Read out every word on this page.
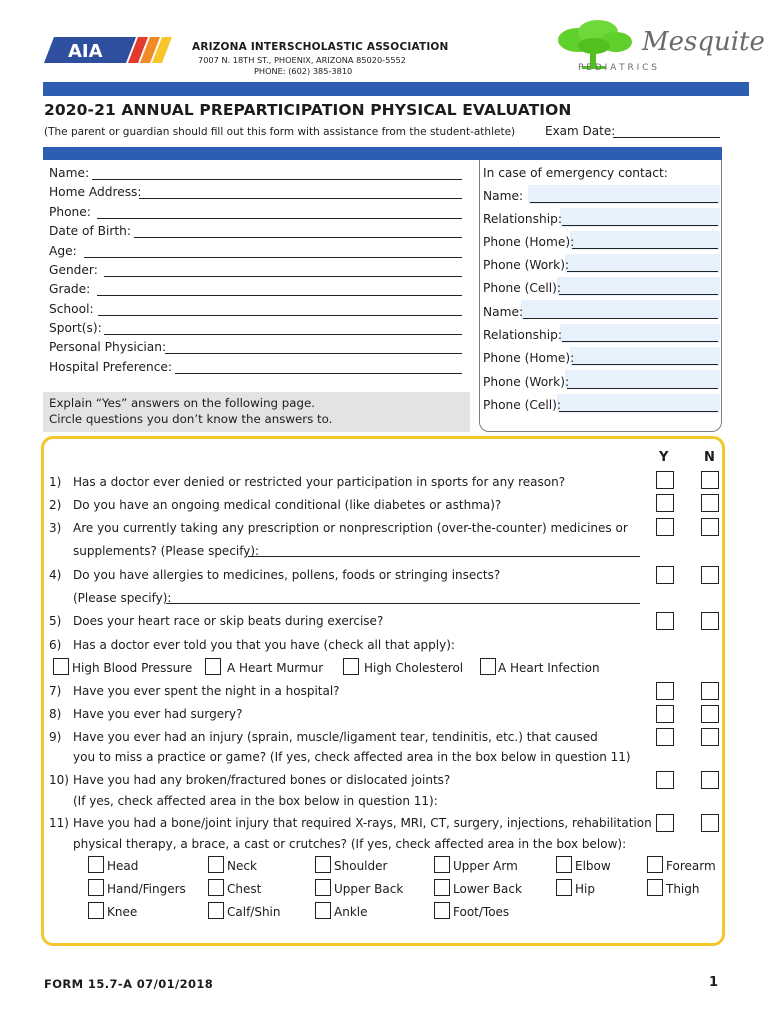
AIA	ARIZONA INTERSCHOLASTIC ASSOCIATION
7007 N. 18TH ST., PHOENIX, ARIZONA 85020-5552
PHONE: (602) 385-3810
Mesquite
P E D I A T R I C S
2020-21 ANNUAL PREPARTICIPATION PHYSICAL EVALUATION
(The parent or guardian should fill out this form with assistance from the student-athlete) Exam Date:
Name:
Home Address:
Phone:
Date of Birth:
Age:
Gender:
Grade:
School:
Sport(s):
Personal Physician:
Hospital Preference:
Explain “Yes” answers on the following page.
Circle questions you don’t know the answers to.
In case of emergency contact:
Name:
Relationship:
Phone (Home):
Phone (Work):
Phone (Cell):
Name:
Relationship:
Phone (Home):
Phone (Work):
Phone (Cell):
Y	N
1) Has a doctor ever denied or restricted your participation in sports for any reason?
2) Do you have an ongoing medical conditional (like diabetes or asthma)?
3) Are you currently taking any prescription or nonprescription (over-the-counter) medicines or
supplements? (Please specify):
4) Do you have allergies to medicines, pollens, foods or stringing insects?
(Please specify):
5) Does your heart race or skip beats during exercise?
6) Has a doctor ever told you that you have (check all that apply):
High Blood Pressure	A Heart Murmur	High Cholesterol	A Heart Infection
7) Have you ever spent the night in a hospital?
8) Have you ever had surgery?
9) Have you ever had an injury (sprain, muscle/ligament tear, tendinitis, etc.) that caused
you to miss a practice or game? (If yes, check affected area in the box below in question 11)
10) Have you had any broken/fractured bones or dislocated joints?
(If yes, check affected area in the box below in question 11):
11) Have you had a bone/joint injury that required X-rays, MRI, CT, surgery, injections, rehabilitation
physical therapy, a brace, a cast or crutches? (If yes, check affected area in the box below):
Head	Neck	Shoulder	Upper Arm	Elbow	Forearm
Hand/Fingers	Chest	Upper Back	Lower Back	Hip	Thigh
Knee	Calf/Shin	Ankle	Foot/Toes
FORM 15.7-A 07/01/2018	1
